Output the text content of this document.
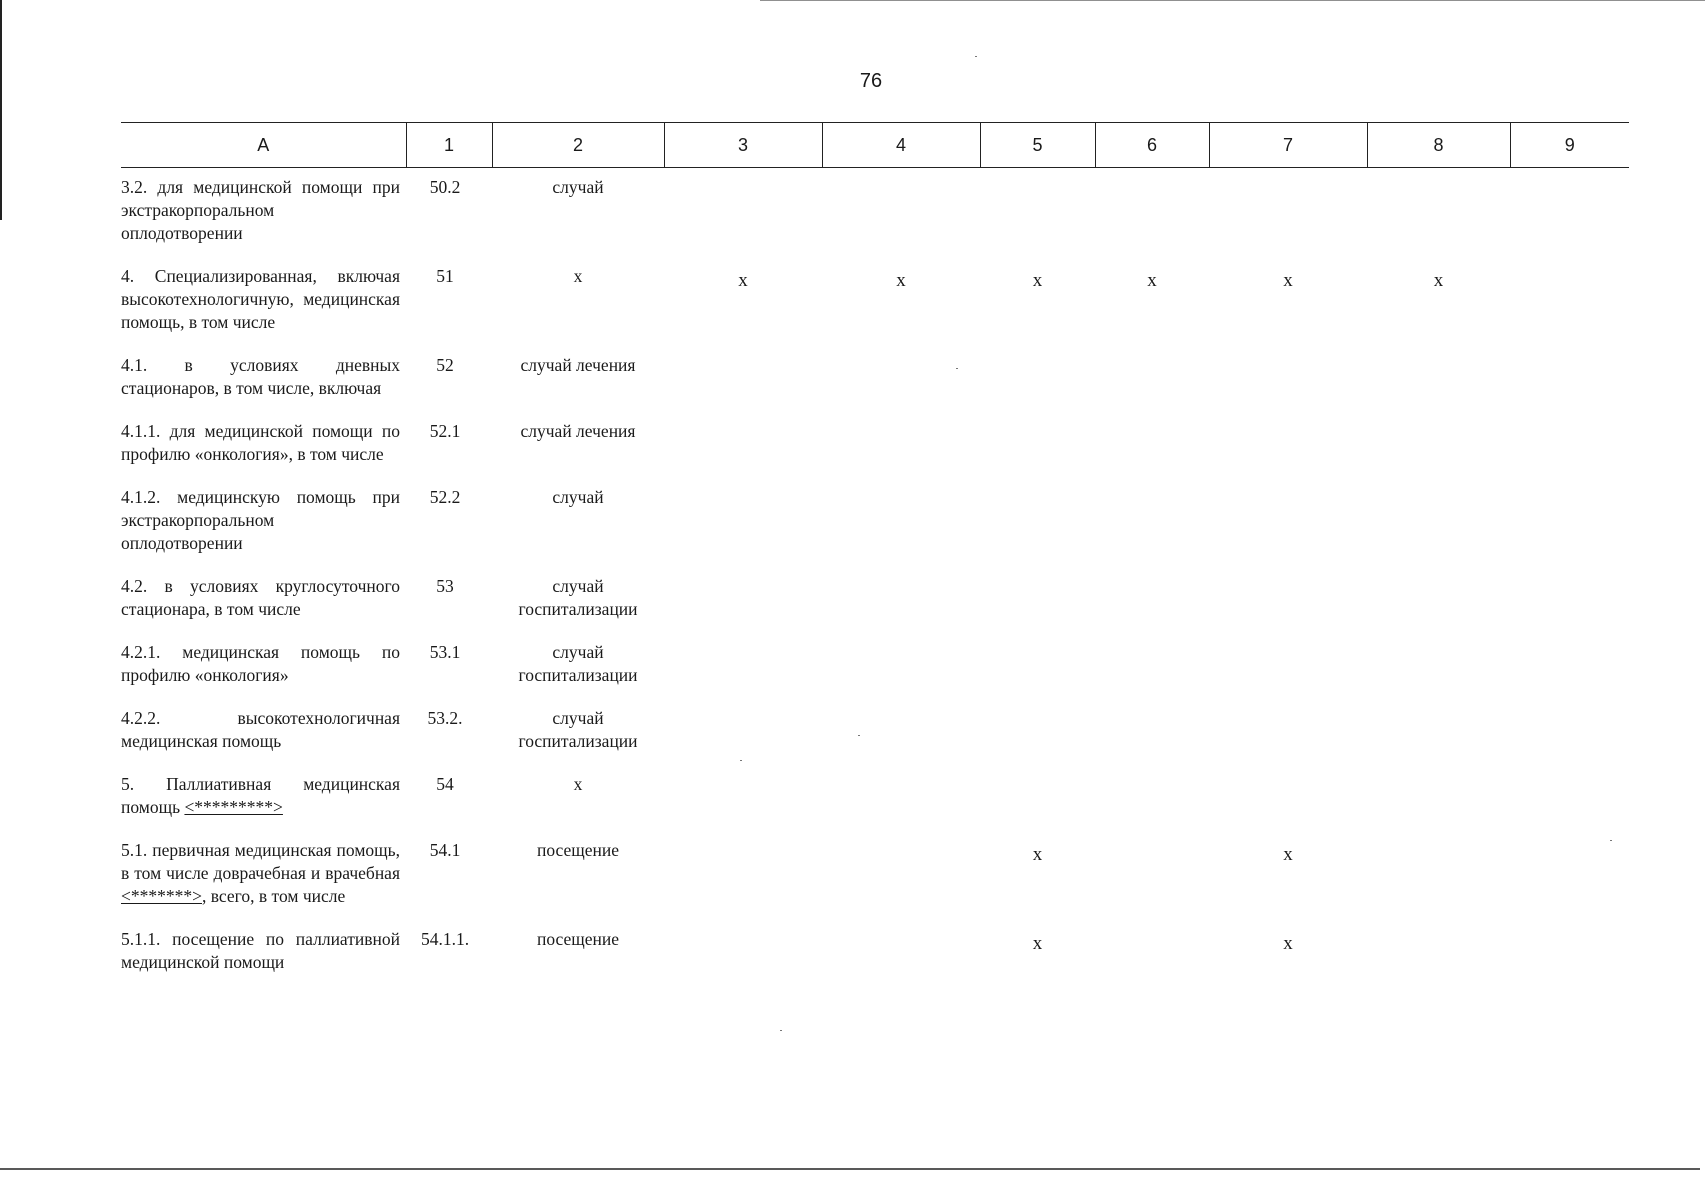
76
А	1	2	3	4	5	6	7	8	9
3.2. для медицинской помощи при экстракорпоральном оплодотворении	50.2	случай							

4. Специализированная, включая высокотехнологичную, медицинская помощь, в том числе	51	х	х	х	х	х	х	х	
4.1. в условиях дневных стационаров, в том числе, включая	52	случай лечения							

4.1.1. для медицинской помощи по профилю «онкология», в том числе	52.1	случай лечения							

4.1.2. медицинскую помощь при экстракорпоральном оплодотворении	52.2	случай							

4.2. в условиях круглосуточного стационара, в том числе	53	случай
госпитализации							

4.2.1. медицинская помощь по профилю «онкология»	53.1	случай
госпитализации							

4.2.2. высокотехнологичная медицинская помощь	53.2.	случай
госпитализации							

5. Паллиативная медицинская помощь <*********>	54	х							

5.1. первичная медицинская помощь, в том числе доврачебная и врачебная <*******>, всего, в том числе	54.1	посещение			х		х		
5.1.1. посещение по паллиативной медицинской помощи	54.1.1.	посещение			х		х		
